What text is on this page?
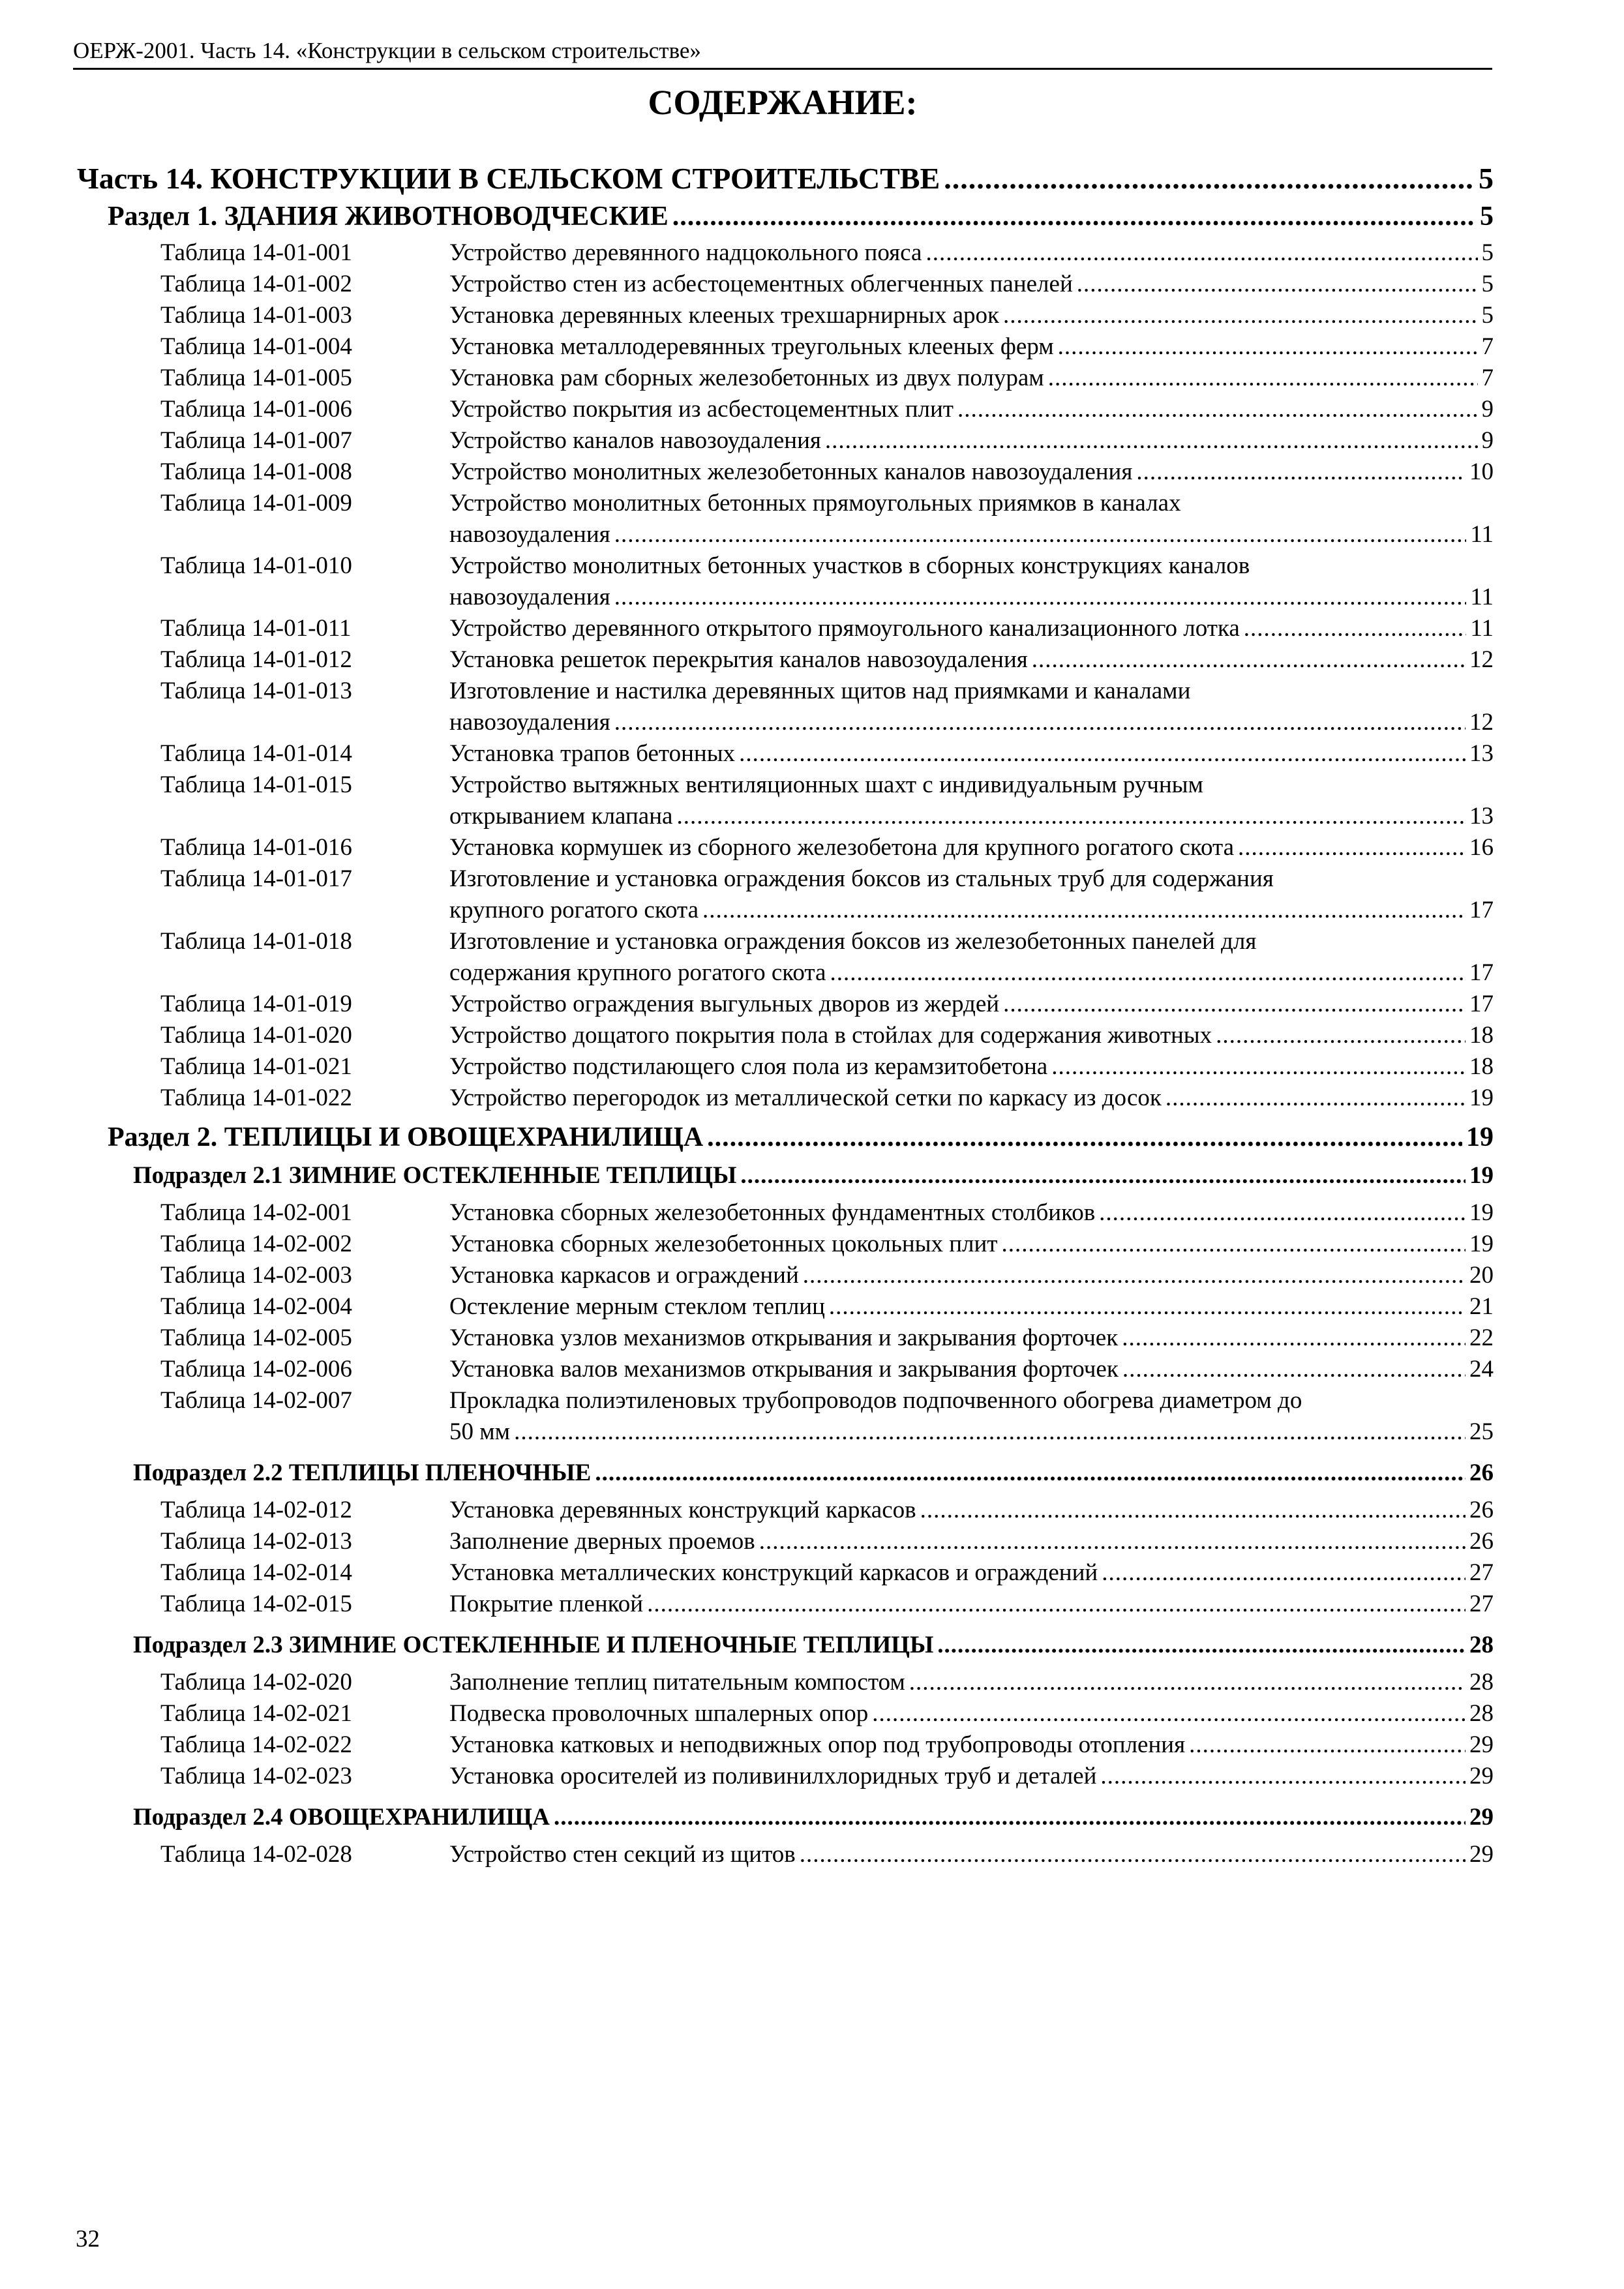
ОЕРЖ-2001. Часть 14. «Конструкции в сельском строительстве»
СОДЕРЖАНИЕ:
Часть 14. КОНСТРУКЦИИ В СЕЛЬСКОМ СТРОИТЕЛЬСТВЕ .....	5
Раздел 1. ЗДАНИЯ ЖИВОТНОВОДЧЕСКИЕ .....	5
Таблица 14-01-001	Устройство деревянного надцокольного пояса .....	5
Таблица 14-01-002	Устройство стен из асбестоцементных облегченных панелей .....	5
Таблица 14-01-003	Установка деревянных клееных трехшарнирных арок .....	5
Таблица 14-01-004	Установка металлодеревянных треугольных клееных ферм .....	7
Таблица 14-01-005	Установка рам сборных железобетонных из двух полурам .....	7
Таблица 14-01-006	Устройство покрытия из асбестоцементных плит .....	9
Таблица 14-01-007	Устройство каналов навозоудаления .....	9
Таблица 14-01-008	Устройство монолитных железобетонных каналов навозоудаления .....	10
Таблица 14-01-009	Устройство монолитных бетонных прямоугольных приямков в каналах
навозоудаления .....	11
Таблица 14-01-010	Устройство монолитных бетонных участков в сборных конструкциях каналов
навозоудаления .....	11
Таблица 14-01-011	Устройство деревянного открытого прямоугольного канализационного лотка .....	11
Таблица 14-01-012	Установка решеток перекрытия каналов навозоудаления .....	12
Таблица 14-01-013	Изготовление и настилка деревянных щитов над приямками и каналами
навозоудаления .....	12
Таблица 14-01-014	Установка трапов бетонных .....	13
Таблица 14-01-015	Устройство вытяжных вентиляционных шахт с индивидуальным ручным
открыванием клапана .....	13
Таблица 14-01-016	Установка кормушек из сборного железобетона для крупного рогатого скота .....	16
Таблица 14-01-017	Изготовление и установка ограждения боксов из стальных труб для содержания
крупного рогатого скота .....	17
Таблица 14-01-018	Изготовление и установка ограждения боксов из железобетонных панелей для
содержания крупного рогатого скота .....	17
Таблица 14-01-019	Устройство ограждения выгульных дворов из жердей .....	17
Таблица 14-01-020	Устройство дощатого покрытия пола в стойлах для содержания животных .....	18
Таблица 14-01-021	Устройство подстилающего слоя пола из керамзитобетона .....	18
Таблица 14-01-022	Устройство перегородок из металлической сетки по каркасу из досок .....	19
Раздел 2. ТЕПЛИЦЫ И ОВОЩЕХРАНИЛИЩА .....	19
Подраздел 2.1 ЗИМНИЕ ОСТЕКЛЕННЫЕ ТЕПЛИЦЫ .....	19
Таблица 14-02-001	Установка сборных железобетонных фундаментных столбиков .....	19
Таблица 14-02-002	Установка сборных железобетонных цокольных плит .....	19
Таблица 14-02-003	Установка каркасов и ограждений .....	20
Таблица 14-02-004	Остекление мерным стеклом теплиц .....	21
Таблица 14-02-005	Установка узлов механизмов открывания и закрывания форточек .....	22
Таблица 14-02-006	Установка валов механизмов открывания и закрывания форточек .....	24
Таблица 14-02-007	Прокладка полиэтиленовых трубопроводов подпочвенного обогрева диаметром до
50 мм .....	25
Подраздел 2.2 ТЕПЛИЦЫ ПЛЕНОЧНЫЕ .....	26
Таблица 14-02-012	Установка деревянных конструкций каркасов .....	26
Таблица 14-02-013	Заполнение дверных проемов .....	26
Таблица 14-02-014	Установка металлических конструкций каркасов и ограждений .....	27
Таблица 14-02-015	Покрытие пленкой .....	27
Подраздел 2.3 ЗИМНИЕ ОСТЕКЛЕННЫЕ И ПЛЕНОЧНЫЕ ТЕПЛИЦЫ .....	28
Таблица 14-02-020	Заполнение теплиц питательным компостом .....	28
Таблица 14-02-021	Подвеска проволочных шпалерных опор .....	28
Таблица 14-02-022	Установка катковых и неподвижных опор под трубопроводы отопления .....	29
Таблица 14-02-023	Установка оросителей из поливинилхлоридных труб и деталей .....	29
Подраздел 2.4 ОВОЩЕХРАНИЛИЩА .....	29
Таблица 14-02-028	Устройство стен секций из щитов .....	29
32
